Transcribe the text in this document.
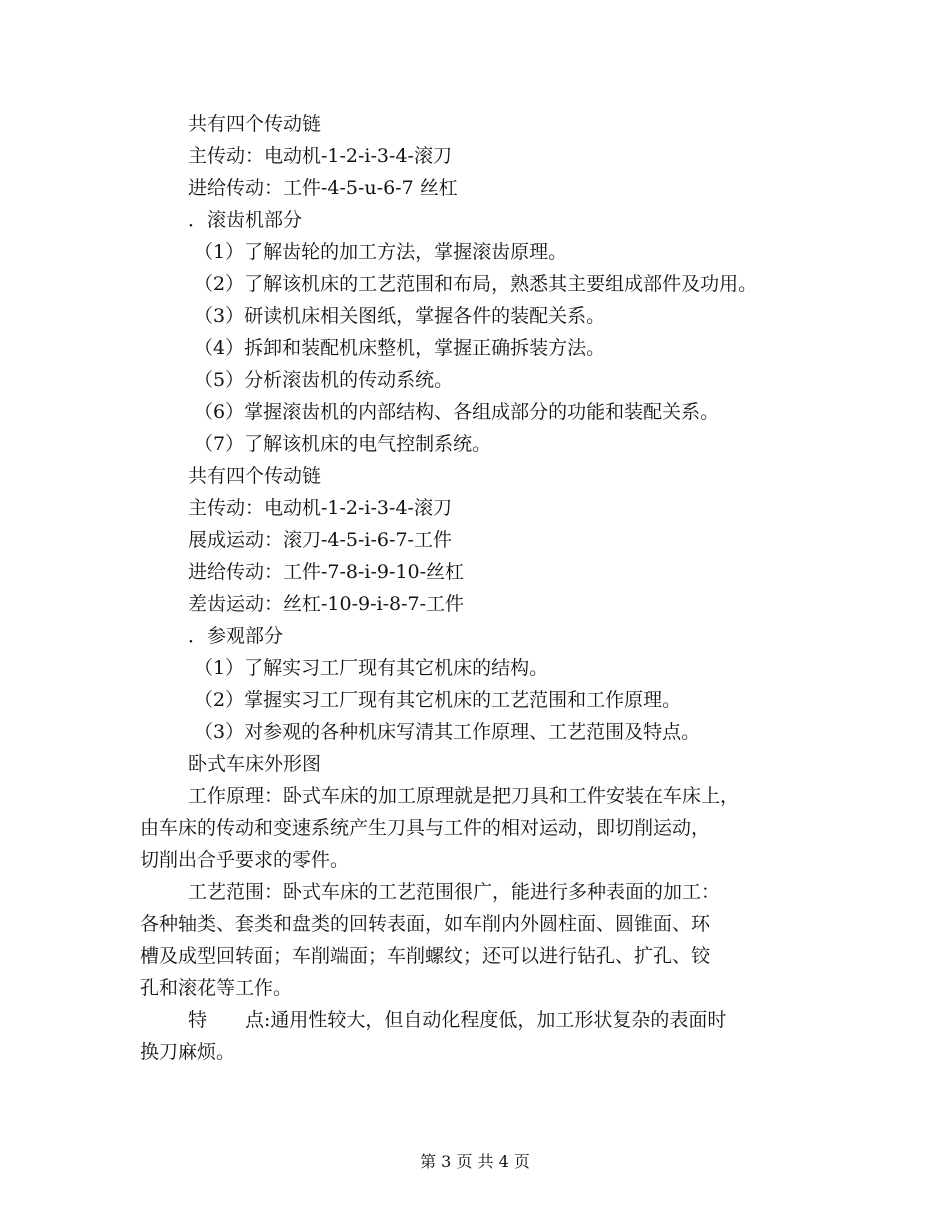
共有四个传动链
主传动：电动机-1-2-i-3-4-滚刀
进给传动：工件-4-5-u-6-7 丝杠
．滚齿机部分
（1）了解齿轮的加工方法，掌握滚齿原理。
（2）了解该机床的工艺范围和布局，熟悉其主要组成部件及功用。
（3）研读机床相关图纸，掌握各件的装配关系。
（4）拆卸和装配机床整机，掌握正确拆装方法。
（5）分析滚齿机的传动系统。
（6）掌握滚齿机的内部结构、各组成部分的功能和装配关系。
（7）了解该机床的电气控制系统。
共有四个传动链
主传动：电动机-1-2-i-3-4-滚刀
展成运动：滚刀-4-5-i-6-7-工件
进给传动：工件-7-8-i-9-10-丝杠
差齿运动：丝杠-10-9-i-8-7-工件
．参观部分
（1）了解实习工厂现有其它机床的结构。
（2）掌握实习工厂现有其它机床的工艺范围和工作原理。
（3）对参观的各种机床写清其工作原理、工艺范围及特点。
卧式车床外形图
工作原理：卧式车床的加工原理就是把刀具和工件安装在车床上，
由车床的传动和变速系统产生刀具与工件的相对运动，即切削运动，
切削出合乎要求的零件。
工艺范围：卧式车床的工艺范围很广，能进行多种表面的加工：
各种轴类、套类和盘类的回转表面，如车削内外圆柱面、圆锥面、环
槽及成型回转面；车削端面；车削螺纹；还可以进行钻孔、扩孔、铰
孔和滚花等工作。
特　　点:通用性较大，但自动化程度低，加工形状复杂的表面时
换刀麻烦。
第 3 页 共 4 页
